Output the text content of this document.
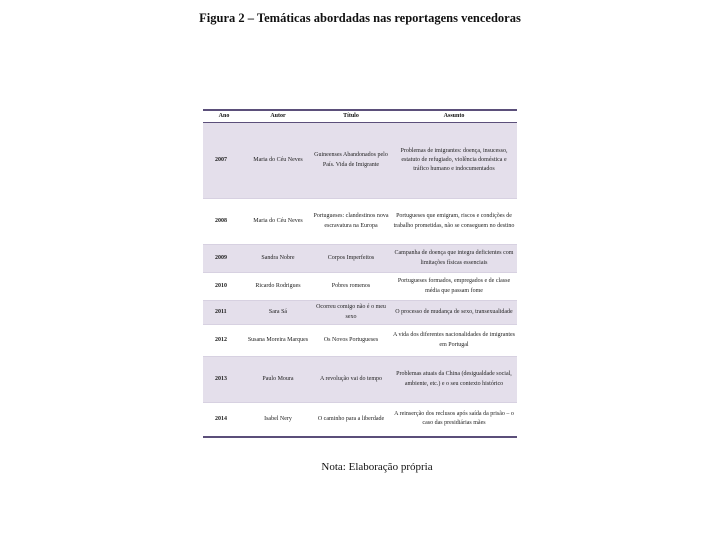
Figura 2 – Temáticas abordadas nas reportagens vencedoras
Ano	Autor	Título	Assunto
2007	Maria do Céu Neves	Guineenses Abandonados pelo País. Vida de Imigrante	Problemas de imigrantes: doença, insucesso, estatuto de refugiado, violência doméstica e tráfico humano e indocumentados
2008	Maria do Céu Neves	Portugueses: clandestinos nova escravatura na Europa	Portugueses que emigram, riscos e condições de trabalho prometidas, não se conseguem no destino
2009	Sandra Nobre	Corpos Imperfeitos	Campanha de doença que integra deficientes com limitações físicas essenciais
2010	Ricardo Rodrigues	Pobres romenos	Portugueses formados, empregados e de classe média que passam fome
2011	Sara Sá	Ocorreu comigo não é o meu sexo	O processo de mudança de sexo, transexualidade
2012	Susana Moreira Marques	Os Novos Portugueses	A vida dos diferentes nacionalidades de imigrantes em Portugal
2013	Paulo Moura	A revolução vai do tempo	Problemas atuais da China (desigualdade social, ambiente, etc.) e o seu contexto histórico
2014	Isabel Nery	O caminho para a liberdade	A reinserção dos reclusos após saída da prisão – o caso das presidiárias mães
Nota: Elaboração própria
